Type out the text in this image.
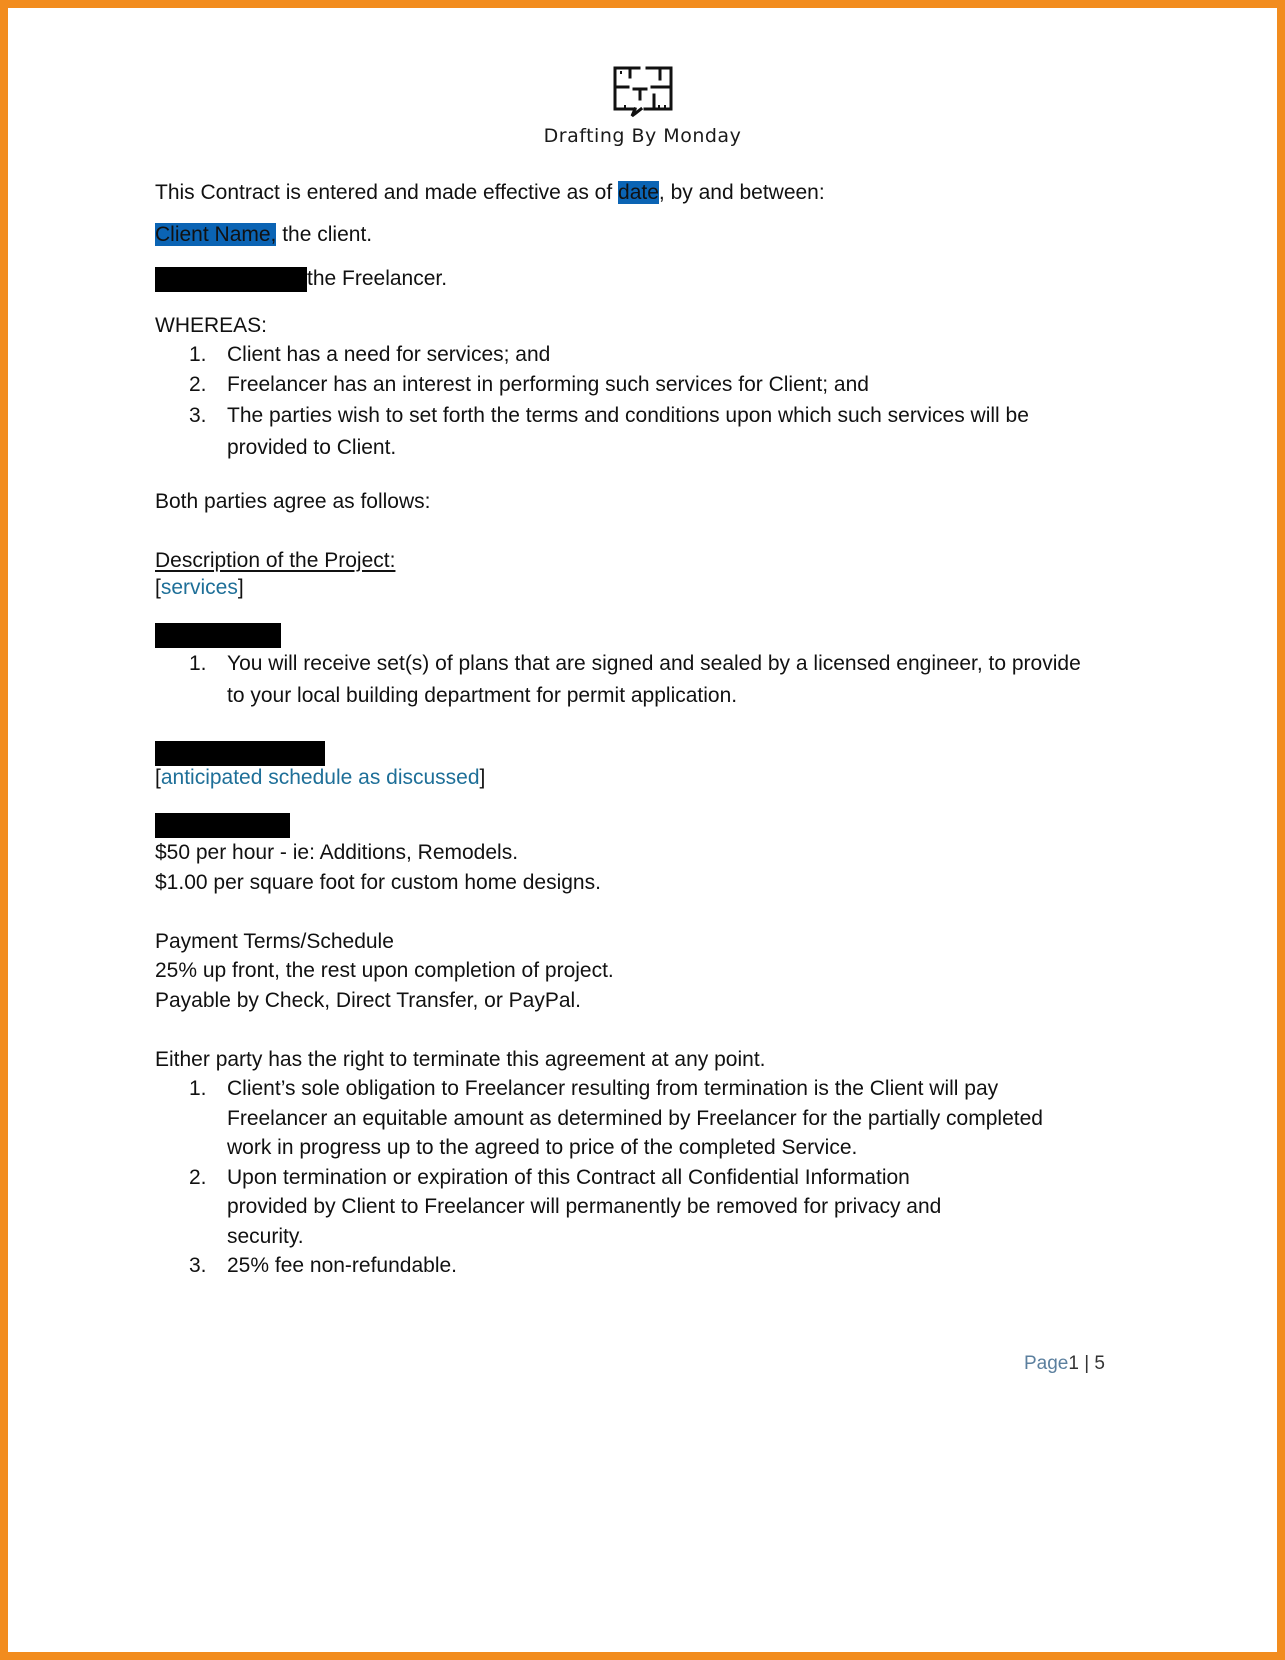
Drafting By Monday
This Contract is entered and made effective as of date, by and between:
Client Name, the client.
the Freelancer.
WHEREAS:
1. Client has a need for services; and
2. Freelancer has an interest in performing such services for Client; and
3. The parties wish to set forth the terms and conditions upon which such services will be provided to Client.
Both parties agree as follows:
Description of the Project:
[services]
1. You will receive set(s) of plans that are signed and sealed by a licensed engineer, to provide to your local building department for permit application.
[anticipated schedule as discussed]
$50 per hour - ie: Additions, Remodels.
$1.00 per square foot for custom home designs.
Payment Terms/Schedule
25% up front, the rest upon completion of project.
Payable by Check, Direct Transfer, or PayPal.
Either party has the right to terminate this agreement at any point.
1. Client’s sole obligation to Freelancer resulting from termination is the Client will pay Freelancer an equitable amount as determined by Freelancer for the partially completed work in progress up to the agreed to price of the completed Service.
2. Upon termination or expiration of this Contract all Confidential Information provided by Client to Freelancer will permanently be removed for privacy and security.
3. 25% fee non-refundable.
Page1 | 5
